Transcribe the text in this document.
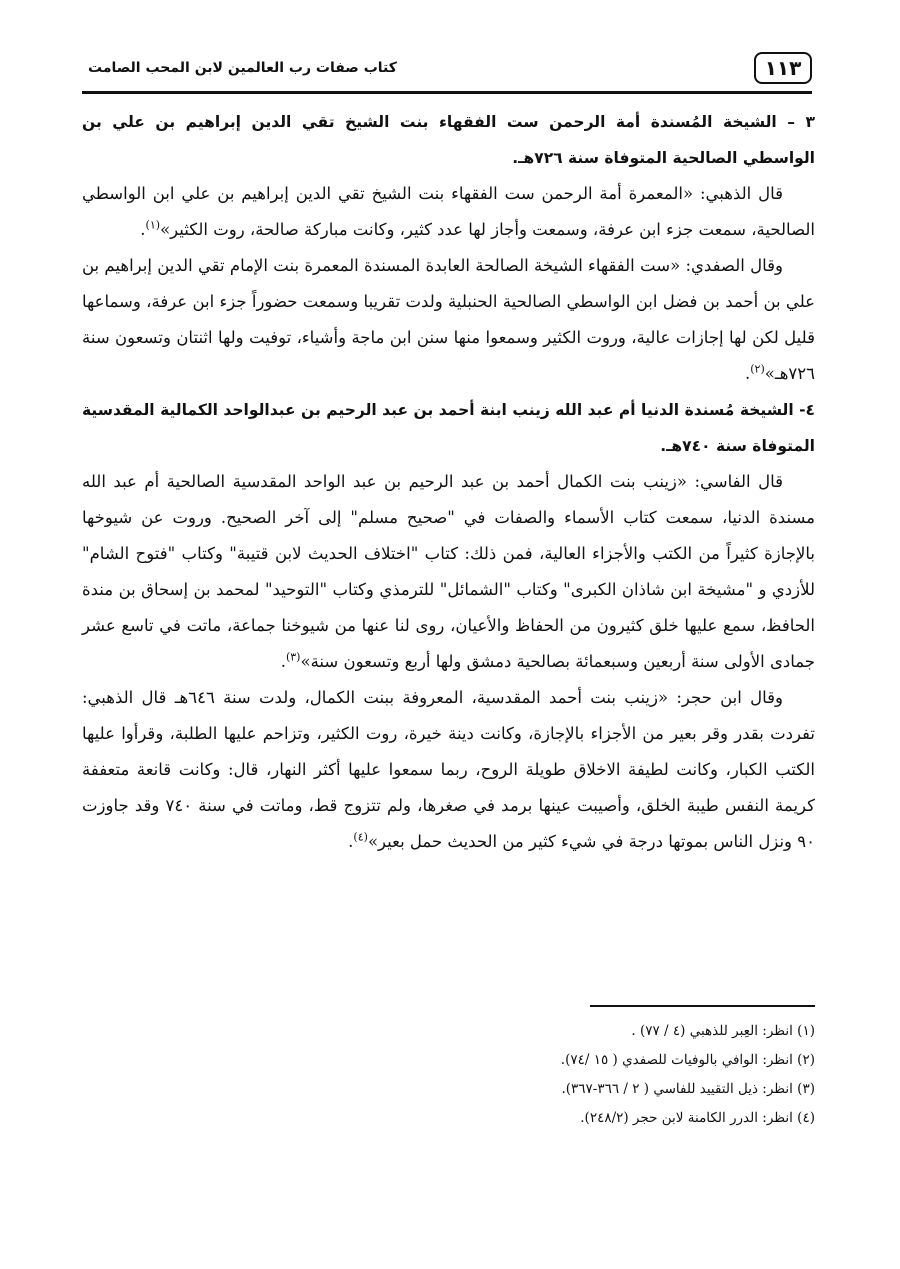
١١٣
كتاب صفات رب العالمين لابن المحب الصامت

٣ – الشيخة المُسندة أمة الرحمن ست الفقهاء بنت الشيخ تقي الدين إبراهيم بن علي بن الواسطي الصالحية المتوفاة سنة ٧٢٦هـ.

قال الذهبي: «المعمرة أمة الرحمن ست الفقهاء بنت الشيخ تقي الدين إبراهيم بن علي ابن الواسطي الصالحية، سمعت جزء ابن عرفة، وسمعت وأجاز لها عدد كثير، وكانت مباركة صالحة، روت الكثير»$^{(١)}$.

وقال الصفدي: «ست الفقهاء الشيخة الصالحة العابدة المسندة المعمرة بنت الإمام تقي الدين إبراهيم بن علي بن أحمد بن فضل ابن الواسطي الصالحية الحنبلية ولدت تقريبا وسمعت حضوراً جزء ابن عرفة، وسماعها قليل لكن لها إجازات عالية، وروت الكثير وسمعوا منها سنن ابن ماجة وأشياء، توفيت ولها اثنتان وتسعون سنة ٧٢٦هـ»$^{(٢)}$.

٤- الشيخة مُسندة الدنيا أم عبد الله زينب ابنة أحمد بن عبد الرحيم بن عبدالواحد الكمالية المقدسية المتوفاة سنة ٧٤٠هـ.

قال الفاسي: «زينب بنت الكمال أحمد بن عبد الرحيم بن عبد الواحد المقدسية الصالحية أم عبد الله مسندة الدنيا، سمعت كتاب الأسماء والصفات في "صحيح مسلم" إلى آخر الصحيح. وروت عن شيوخها بالإجازة كثيراً من الكتب والأجزاء العالية، فمن ذلك: كتاب "اختلاف الحديث لابن قتيبة" وكتاب "فتوح الشام" للأزدي و "مشيخة ابن شاذان الكبرى" وكتاب "الشمائل" للترمذي وكتاب "التوحيد" لمحمد بن إسحاق بن مندة الحافظ، سمع عليها خلق كثيرون من الحفاظ والأعيان، روى لنا عنها من شيوخنا جماعة، ماتت في تاسع عشر جمادى الأولى سنة أربعين وسبعمائة بصالحية دمشق ولها أربع وتسعون سنة»$^{(٣)}$.

وقال ابن حجر: «زينب بنت أحمد المقدسية، المعروفة ببنت الكمال، ولدت سنة ٦٤٦هـ قال الذهبي: تفردت بقدر وقر بعير من الأجزاء بالإجازة، وكانت دينة خيرة، روت الكثير، وتزاحم عليها الطلبة، وقرأوا عليها الكتب الكبار، وكانت لطيفة الاخلاق طويلة الروح، ربما سمعوا عليها أكثر النهار، قال: وكانت قانعة متعففة كريمة النفس طيبة الخلق، وأصيبت عينها برمد في صغرها، ولم تتزوج قط، وماتت في سنة ٧٤٠ وقد جاوزت ٩٠ ونزل الناس بموتها درجة في شيء كثير من الحديث حمل بعير»$^{(٤)}$.

(١) انظر: العِبر للذهبي (٤ / ٧٧) .

(٢) انظر: الوافي بالوفيات للصفدي ( ١٥ /٧٤).

(٣) انظر: ذيل التقييد للفاسي ( ٢ / ٣٦٦-٣٦٧).

(٤) انظر: الدرر الكامنة لابن حجر (٢٤٨/٢).
